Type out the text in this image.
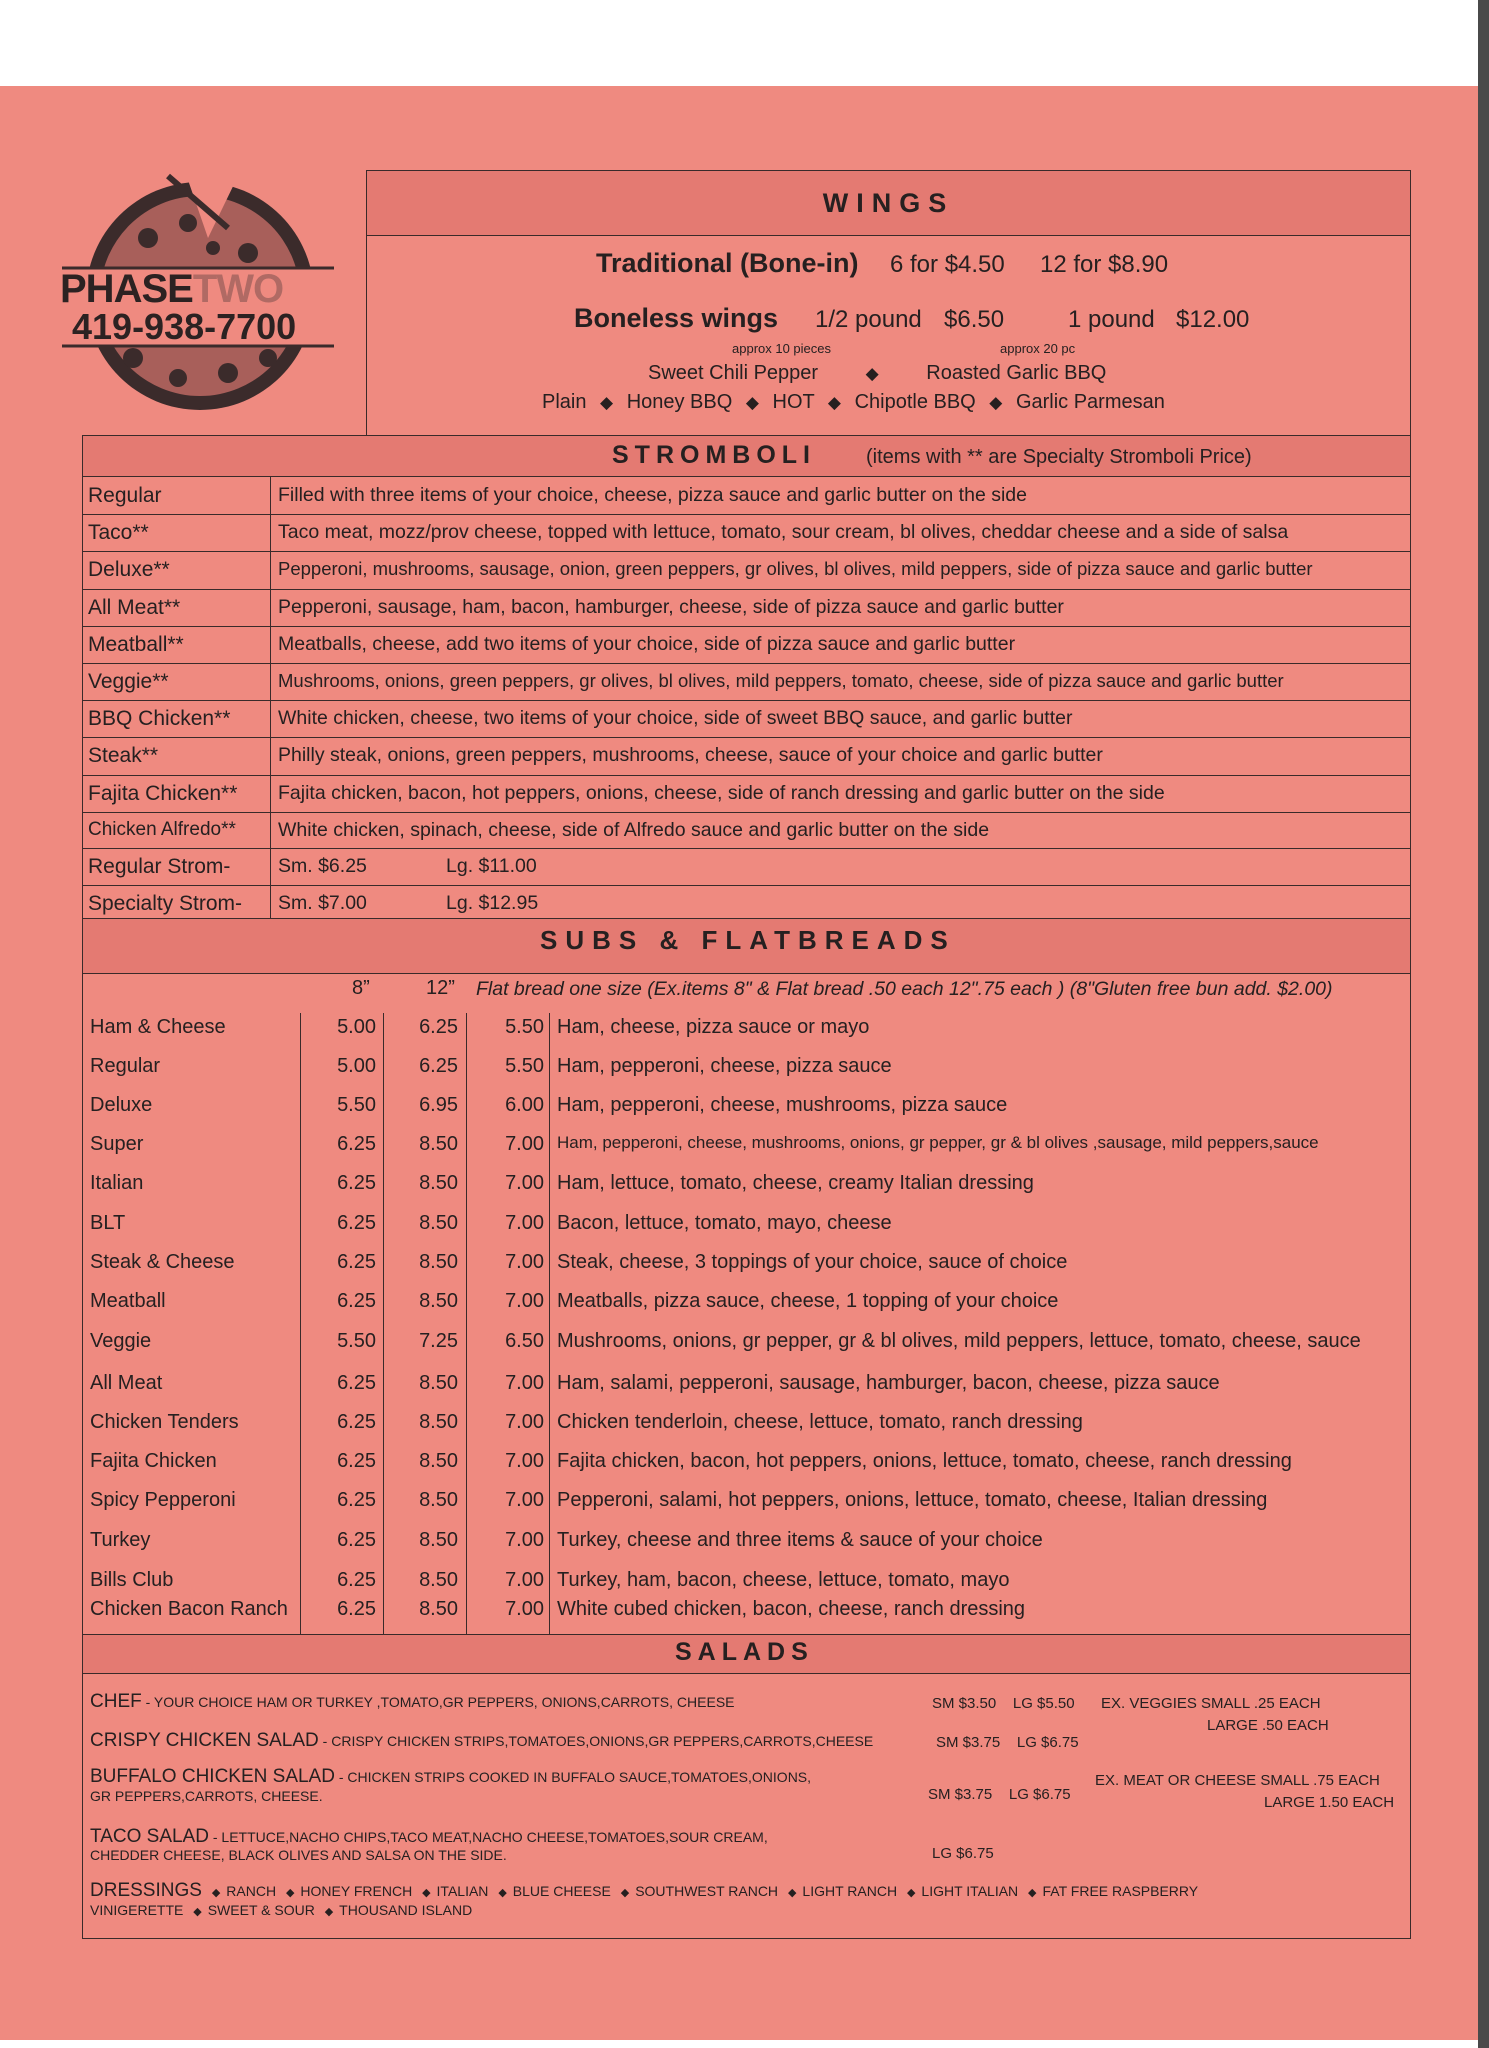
PHASETWO
419-938-7700
WINGS
Traditional (Bone-in) 6 for $4.50 12 for $8.90
Boneless wings 1/2 pound $6.50
approx 10 pieces
1 pound $12.00
approx 20 pc
Sweet Chili Pepper	◆ Roasted Garlic BBQ
Plain ◆ Honey BBQ ◆ HOT ◆ Chipotle BBQ ◆ Garlic Parmesan
STROMBOLI	(items with ** are Specialty Stromboli Price)
Regular	Filled with three items of your choice, cheese, pizza sauce and garlic butter on the side
Taco**	Taco meat, mozz/prov cheese, topped with lettuce, tomato, sour cream, bl olives, cheddar cheese and a side of salsa
Deluxe**	Pepperoni, mushrooms, sausage, onion, green peppers, gr olives, bl olives, mild peppers, side of pizza sauce and garlic butter
All Meat**	Pepperoni, sausage, ham, bacon, hamburger, cheese, side of pizza sauce and garlic butter
Meatball**	Meatballs, cheese, add two items of your choice, side of pizza sauce and garlic butter
Veggie**	Mushrooms, onions, green peppers, gr olives, bl olives, mild peppers, tomato, cheese, side of pizza sauce and garlic butter
BBQ Chicken** White chicken, cheese, two items of your choice, side of sweet BBQ sauce, and garlic butter
Steak**	Philly steak, onions, green peppers, mushrooms, cheese, sauce of your choice and garlic butter
Fajita Chicken** Fajita chicken, bacon, hot peppers, onions, cheese, side of ranch dressing and garlic butter on the side
Chicken Alfredo** White chicken, spinach, cheese, side of Alfredo sauce and garlic butter on the side
Regular Strom- Sm. $6.25	Lg. $11.00
Specialty Strom- Sm. $7.00	Lg. $12.95
SUBS & FLATBREADS
8”	12” Flat bread one size (Ex.items 8" & Flat bread .50 each 12".75 each ) (8"Gluten free bun add. $2.00)
Ham & Cheese	5.00	6.25	5.50 Ham, cheese, pizza sauce or mayo
Regular	5.00	6.25	5.50 Ham, pepperoni, cheese, pizza sauce
Deluxe	5.50	6.95	6.00 Ham, pepperoni, cheese, mushrooms, pizza sauce
Super	6.25	8.50	7.00 Ham, pepperoni, cheese, mushrooms, onions, gr pepper, gr & bl olives ,sausage, mild peppers,sauce
Italian	6.25	8.50	7.00 Ham, lettuce, tomato, cheese, creamy Italian dressing
BLT	6.25	8.50	7.00 Bacon, lettuce, tomato, mayo, cheese
Steak & Cheese	6.25	8.50	7.00 Steak, cheese, 3 toppings of your choice, sauce of choice
Meatball	6.25	8.50	7.00 Meatballs, pizza sauce, cheese, 1 topping of your choice
Veggie	5.50	7.25	6.50 Mushrooms, onions, gr pepper, gr & bl olives, mild peppers, lettuce, tomato, cheese, sauce
All Meat	6.25	8.50	7.00 Ham, salami, pepperoni, sausage, hamburger, bacon, cheese, pizza sauce
Chicken Tenders	6.25	8.50	7.00 Chicken tenderloin, cheese, lettuce, tomato, ranch dressing
Fajita Chicken	6.25	8.50	7.00 Fajita chicken, bacon, hot peppers, onions, lettuce, tomato, cheese, ranch dressing
Spicy Pepperoni	6.25	8.50	7.00 Pepperoni, salami, hot peppers, onions, lettuce, tomato, cheese, Italian dressing
Turkey	6.25	8.50	7.00 Turkey, cheese and three items & sauce of your choice
Bills Club	6.25	8.50	7.00 Turkey, ham, bacon, cheese, lettuce, tomato, mayo
Chicken Bacon Ranch	6.25	8.50	7.00 White cubed chicken, bacon, cheese, ranch dressing
SALADS
CHEF - YOUR CHOICE HAM OR TURKEY ,TOMATO,GR PEPPERS, ONIONS,CARROTS, CHEESE	SM $3.50    LG $5.50 EX. VEGGIES SMALL .25 EACH
LARGE .50 EACH
CRISPY CHICKEN SALAD - CRISPY CHICKEN STRIPS,TOMATOES,ONIONS,GR PEPPERS,CARROTS,CHEESE	SM $3.75    LG $6.75
BUFFALO CHICKEN SALAD - CHICKEN STRIPS COOKED IN BUFFALO SAUCE,TOMATOES,ONIONS,
GR PEPPERS,CARROTS, CHEESE.	SM $3.75    LG $6.75
EX. MEAT OR CHEESE SMALL .75 EACH
LARGE 1.50 EACH
TACO SALAD - LETTUCE,NACHO CHIPS,TACO MEAT,NACHO CHEESE,TOMATOES,SOUR CREAM,
CHEDDER CHEESE, BLACK OLIVES AND SALSA ON THE SIDE.	LG $6.75
DRESSINGS ◆ RANCH ◆ HONEY FRENCH ◆ ITALIAN ◆ BLUE CHEESE ◆ SOUTHWEST RANCH ◆ LIGHT RANCH ◆ LIGHT ITALIAN ◆ FAT FREE RASPBERRY
VINIGERETTE ◆ SWEET & SOUR ◆ THOUSAND ISLAND
